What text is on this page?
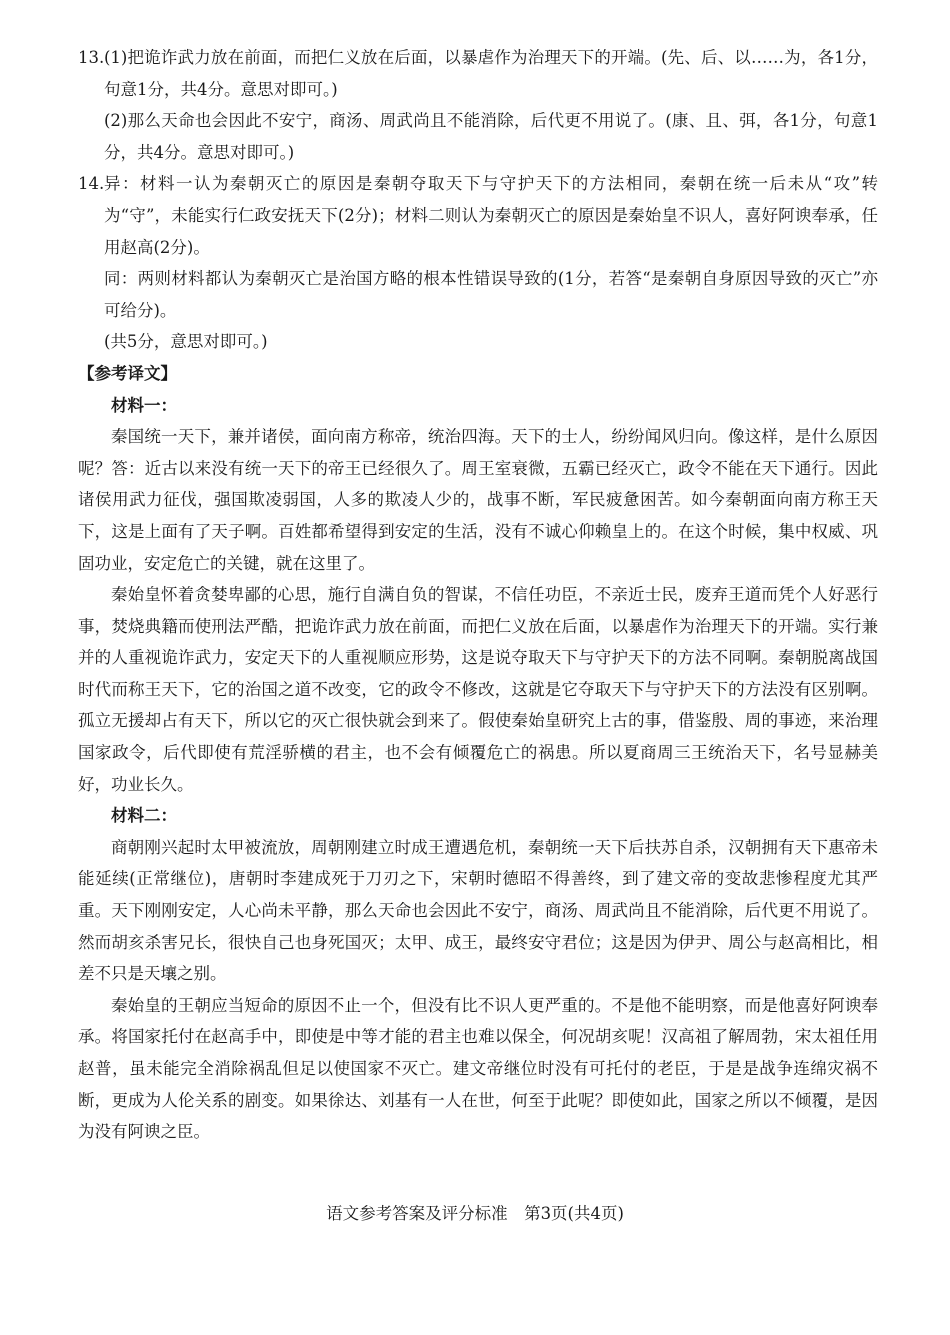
13. (1)把诡诈武力放在前面，而把仁义放在后面，以暴虐作为治理天下的开端。(先、后、以……为，各1分，句意1分，共4分。意思对即可。)

(2)那么天命也会因此不安宁，商汤、周武尚且不能消除，后代更不用说了。(康、且、弭，各1分，句意1分，共4分。意思对即可。)

14. 异：材料一认为秦朝灭亡的原因是秦朝夺取天下与守护天下的方法相同，秦朝在统一后未从“攻”转为“守”，未能实行仁政安抚天下(2分)；材料二则认为秦朝灭亡的原因是秦始皇不识人，喜好阿谀奉承，任用赵高(2分)。

同：两则材料都认为秦朝灭亡是治国方略的根本性错误导致的(1分，若答“是秦朝自身原因导致的灭亡”亦可给分)。

(共5分，意思对即可。)

【参考译文】

材料一：

秦国统一天下，兼并诸侯，面向南方称帝，统治四海。天下的士人，纷纷闻风归向。像这样，是什么原因呢？答：近古以来没有统一天下的帝王已经很久了。周王室衰微，五霸已经灭亡，政令不能在天下通行。因此诸侯用武力征伐，强国欺凌弱国，人多的欺凌人少的，战事不断，军民疲惫困苦。如今秦朝面向南方称王天下，这是上面有了天子啊。百姓都希望得到安定的生活，没有不诚心仰赖皇上的。在这个时候，集中权威、巩固功业，安定危亡的关键，就在这里了。

秦始皇怀着贪婪卑鄙的心思，施行自满自负的智谋，不信任功臣，不亲近士民，废弃王道而凭个人好恶行事，焚烧典籍而使刑法严酷，把诡诈武力放在前面，而把仁义放在后面，以暴虐作为治理天下的开端。实行兼并的人重视诡诈武力，安定天下的人重视顺应形势，这是说夺取天下与守护天下的方法不同啊。秦朝脱离战国时代而称王天下，它的治国之道不改变，它的政令不修改，这就是它夺取天下与守护天下的方法没有区别啊。孤立无援却占有天下，所以它的灭亡很快就会到来了。假使秦始皇研究上古的事，借鉴殷、周的事迹，来治理国家政令，后代即使有荒淫骄横的君主，也不会有倾覆危亡的祸患。所以夏商周三王统治天下，名号显赫美好，功业长久。

材料二：

商朝刚兴起时太甲被流放，周朝刚建立时成王遭遇危机，秦朝统一天下后扶苏自杀，汉朝拥有天下惠帝未能延续(正常继位)，唐朝时李建成死于刀刃之下，宋朝时德昭不得善终，到了建文帝的变故悲惨程度尤其严重。天下刚刚安定，人心尚未平静，那么天命也会因此不安宁，商汤、周武尚且不能消除，后代更不用说了。然而胡亥杀害兄长，很快自己也身死国灭；太甲、成王，最终安守君位；这是因为伊尹、周公与赵高相比，相差不只是天壤之别。

秦始皇的王朝应当短命的原因不止一个，但没有比不识人更严重的。不是他不能明察，而是他喜好阿谀奉承。将国家托付在赵高手中，即使是中等才能的君主也难以保全，何况胡亥呢！汉高祖了解周勃，宋太祖任用赵普，虽未能完全消除祸乱但足以使国家不灭亡。建文帝继位时没有可托付的老臣，于是是战争连绵灾祸不断，更成为人伦关系的剧变。如果徐达、刘基有一人在世，何至于此呢？即使如此，国家之所以不倾覆，是因为没有阿谀之臣。

语文参考答案及评分标准　第3页(共4页)
